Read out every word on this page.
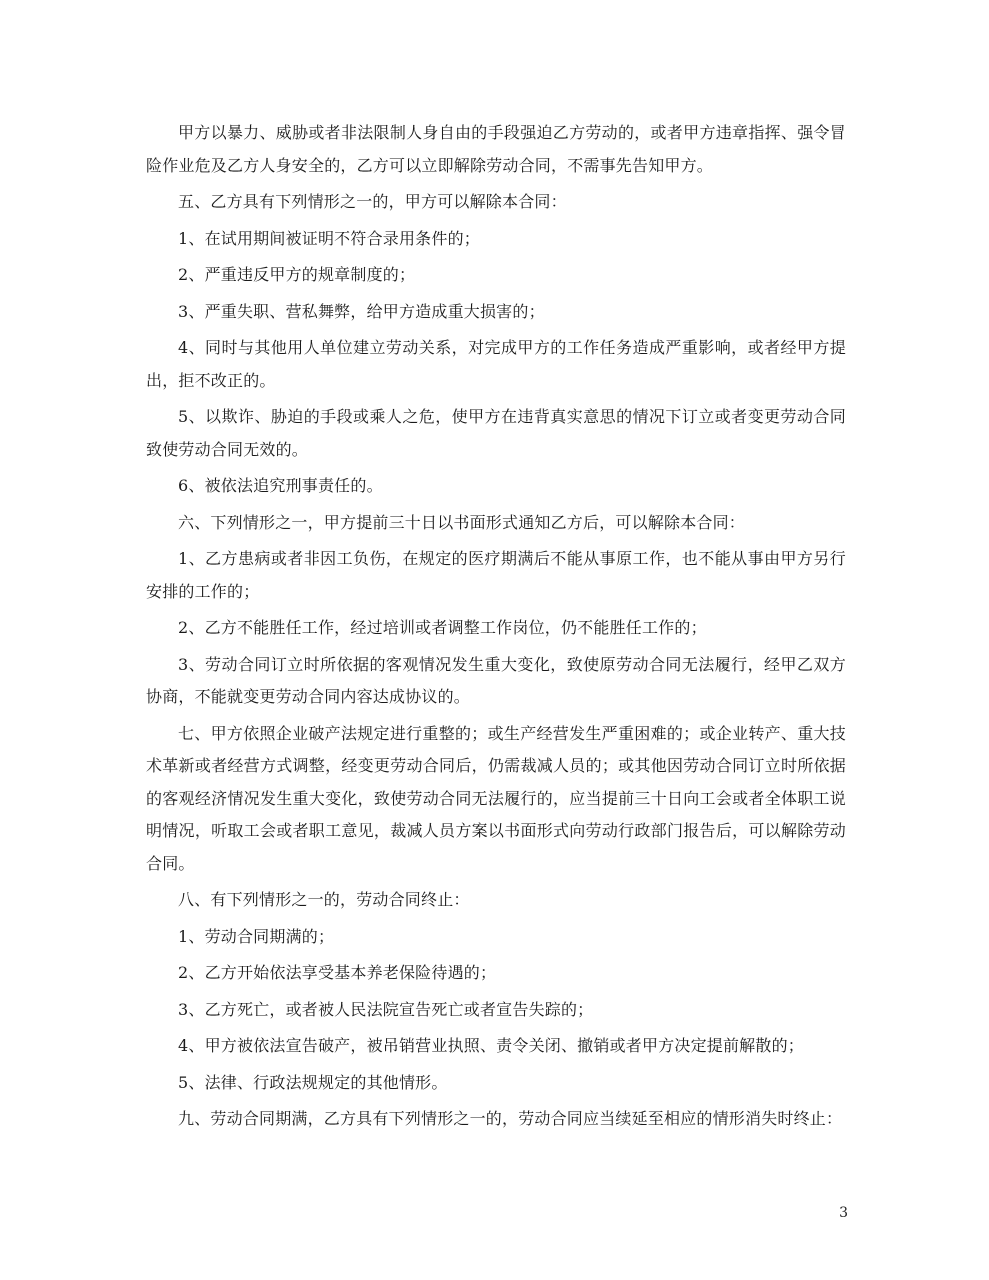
甲方以暴力、威胁或者非法限制人身自由的手段强迫乙方劳动的，或者甲方违章指挥、强令冒险作业危及乙方人身安全的，乙方可以立即解除劳动合同，不需事先告知甲方。

五、乙方具有下列情形之一的，甲方可以解除本合同：

1、在试用期间被证明不符合录用条件的；

2、严重违反甲方的规章制度的；

3、严重失职、营私舞弊，给甲方造成重大损害的；

4、同时与其他用人单位建立劳动关系，对完成甲方的工作任务造成严重影响，或者经甲方提出，拒不改正的。

5、以欺诈、胁迫的手段或乘人之危，使甲方在违背真实意思的情况下订立或者变更劳动合同致使劳动合同无效的。

6、被依法追究刑事责任的。

六、下列情形之一，甲方提前三十日以书面形式通知乙方后，可以解除本合同：

1、乙方患病或者非因工负伤，在规定的医疗期满后不能从事原工作，也不能从事由甲方另行安排的工作的；

2、乙方不能胜任工作，经过培训或者调整工作岗位，仍不能胜任工作的；

3、劳动合同订立时所依据的客观情况发生重大变化，致使原劳动合同无法履行，经甲乙双方协商，不能就变更劳动合同内容达成协议的。

七、甲方依照企业破产法规定进行重整的；或生产经营发生严重困难的；或企业转产、重大技术革新或者经营方式调整，经变更劳动合同后，仍需裁减人员的；或其他因劳动合同订立时所依据的客观经济情况发生重大变化，致使劳动合同无法履行的，应当提前三十日向工会或者全体职工说明情况，听取工会或者职工意见，裁减人员方案以书面形式向劳动行政部门报告后，可以解除劳动合同。

八、有下列情形之一的，劳动合同终止：

1、劳动合同期满的；

2、乙方开始依法享受基本养老保险待遇的；

3、乙方死亡，或者被人民法院宣告死亡或者宣告失踪的；

4、甲方被依法宣告破产，被吊销营业执照、责令关闭、撤销或者甲方决定提前解散的；

5、法律、行政法规规定的其他情形。

九、劳动合同期满，乙方具有下列情形之一的，劳动合同应当续延至相应的情形消失时终止：

3
